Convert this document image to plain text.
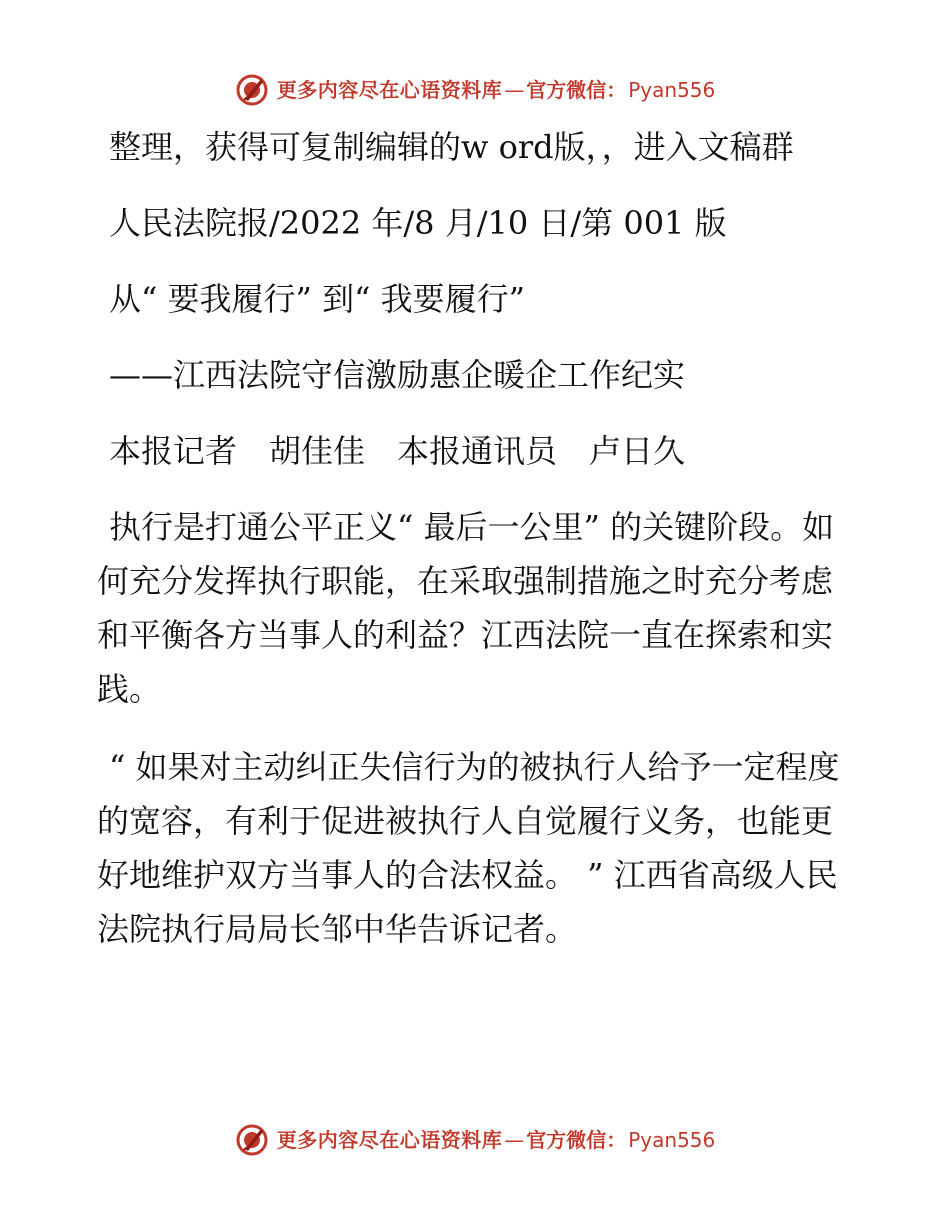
更多内容尽在心语资料库 — 官方微信： Pyan556

整理，获得可复制编辑的w ord版，，进入文稿群

人民法院报/2022 年/8 月/10 日/第 001 版

从“ 要我履行” 到“ 我要履行”

——江西法院守信激励惠企暖企工作纪实

本报记者　胡佳佳　本报通讯员　卢日久

执行是打通公平正义“ 最后一公里” 的关键阶段。如何充分发挥执行职能，在采取强制措施之时充分考虑和平衡各方当事人的利益？江西法院一直在探索和实践。

“ 如果对主动纠正失信行为的被执行人给予一定程度的宽容，有利于促进被执行人自觉履行义务，也能更好地维护双方当事人的合法权益。 ” 江西省高级人民法院执行局局长邹中华告诉记者。

更多内容尽在心语资料库 — 官方微信： Pyan556
